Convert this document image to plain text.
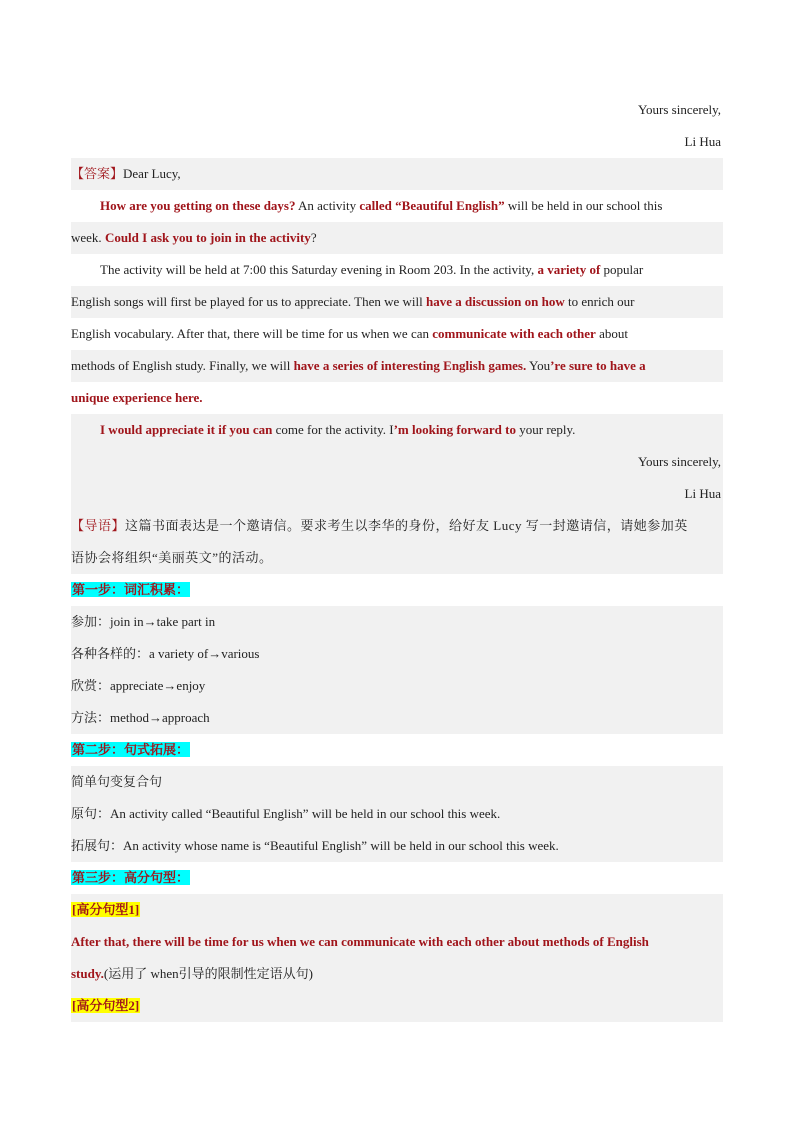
Yours sincerely,
Li Hua
【答案】Dear Lucy,
How are you getting on these days? An activity called “Beautiful English” will be held in our school this
week. Could I ask you to join in the activity?
The activity will be held at 7:00 this Saturday evening in Room 203. In the activity, a variety of popular
English songs will first be played for us to appreciate. Then we will have a discussion on how to enrich our
English vocabulary. After that, there will be time for us when we can communicate with each other about
methods of English study. Finally, we will have a series of interesting English games. You’re sure to have a
unique experience here.
I would appreciate it if you can come for the activity. I’m looking forward to your reply.
Yours sincerely,
Li Hua
【导语】这篇书面表达是一个邀请信。要求考生以李华的身份，给好友 Lucy 写一封邀请信，请她参加英
语协会将组织“美丽英文”的活动。
第一步：词汇积累：
参加：join in→take part in
各种各样的：a variety of→various
欣赏：appreciate→enjoy
方法：method→approach
第二步：句式拓展：
简单句变复合句
原句：An activity called “Beautiful English” will be held in our school this week.
拓展句：An activity whose name is “Beautiful English” will be held in our school this week.
第三步：高分句型：
[高分句型1]
After that, there will be time for us when we can communicate with each other about methods of English
study.(运用了 when引导的限制性定语从句)
[高分句型2]
